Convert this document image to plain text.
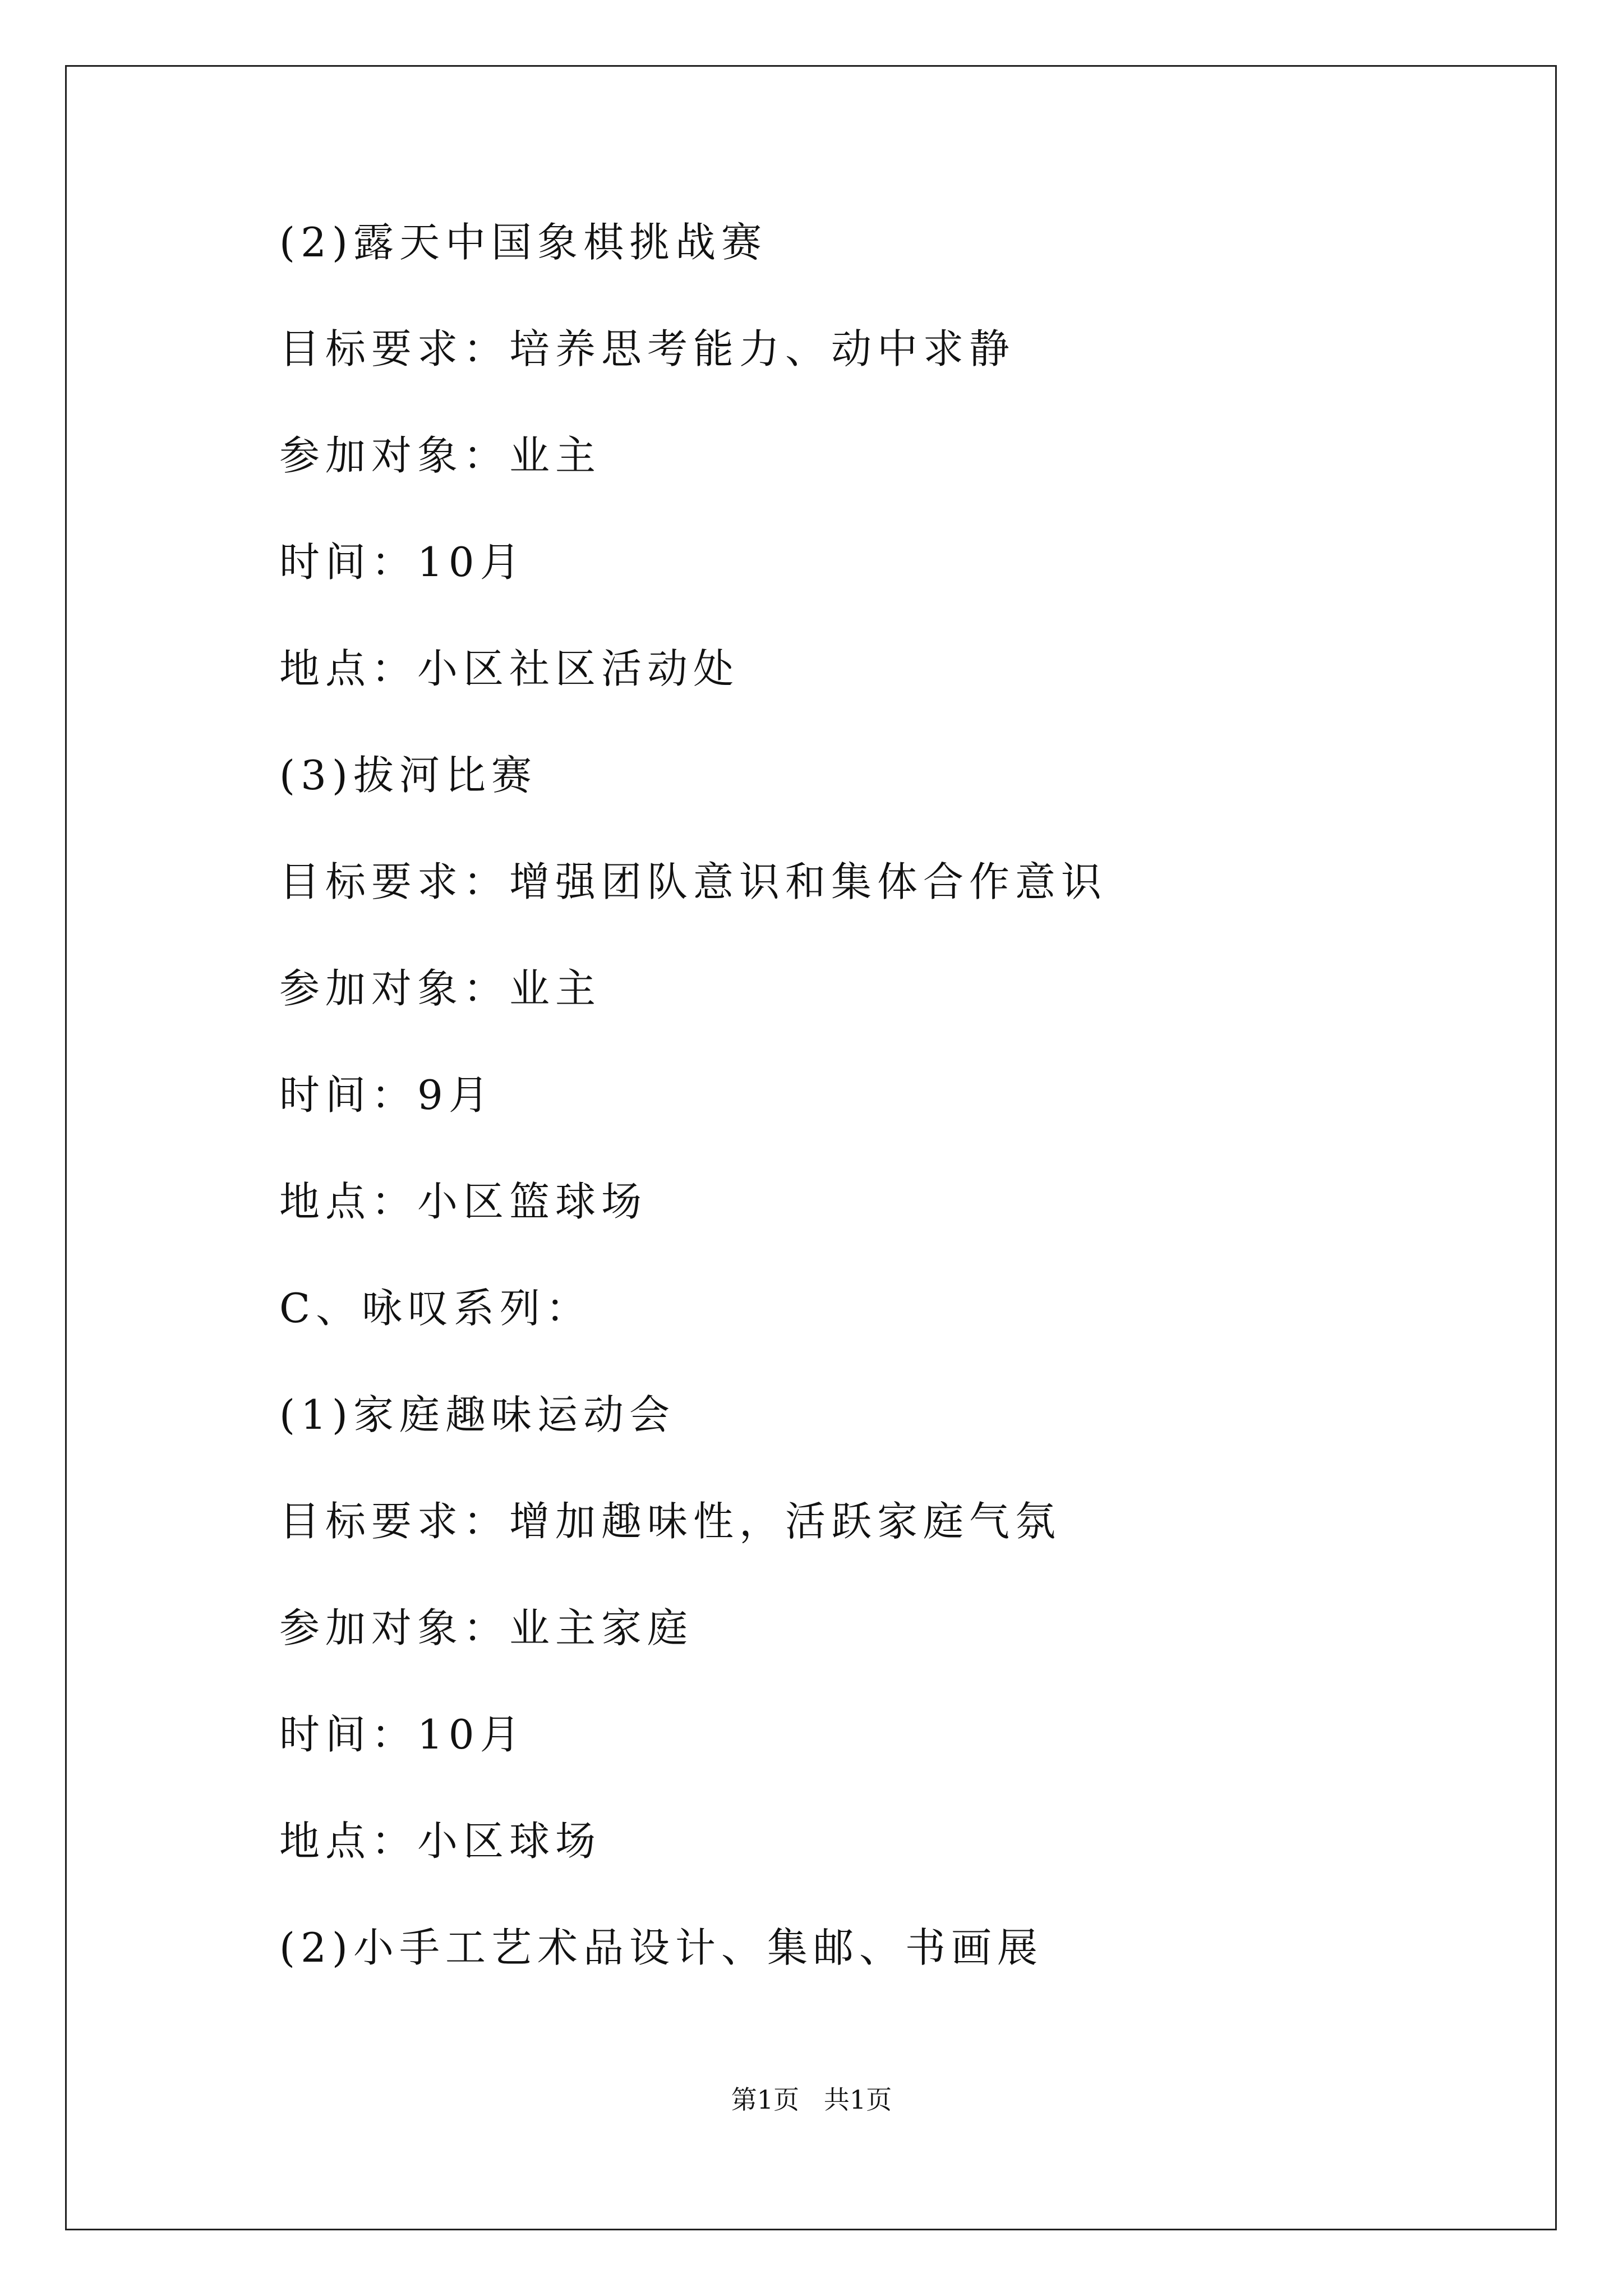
(2)露天中国象棋挑战赛
目标要求：培养思考能力、动中求静
参加对象：业主
时间：10月
地点：小区社区活动处
(3)拔河比赛
目标要求：增强团队意识和集体合作意识
参加对象：业主
时间：9月
地点：小区篮球场
C、咏叹系列：
(1)家庭趣味运动会
目标要求：增加趣味性，活跃家庭气氛
参加对象：业主家庭
时间：10月
地点：小区球场
(2)小手工艺术品设计、集邮、书画展
第1页   共1页
